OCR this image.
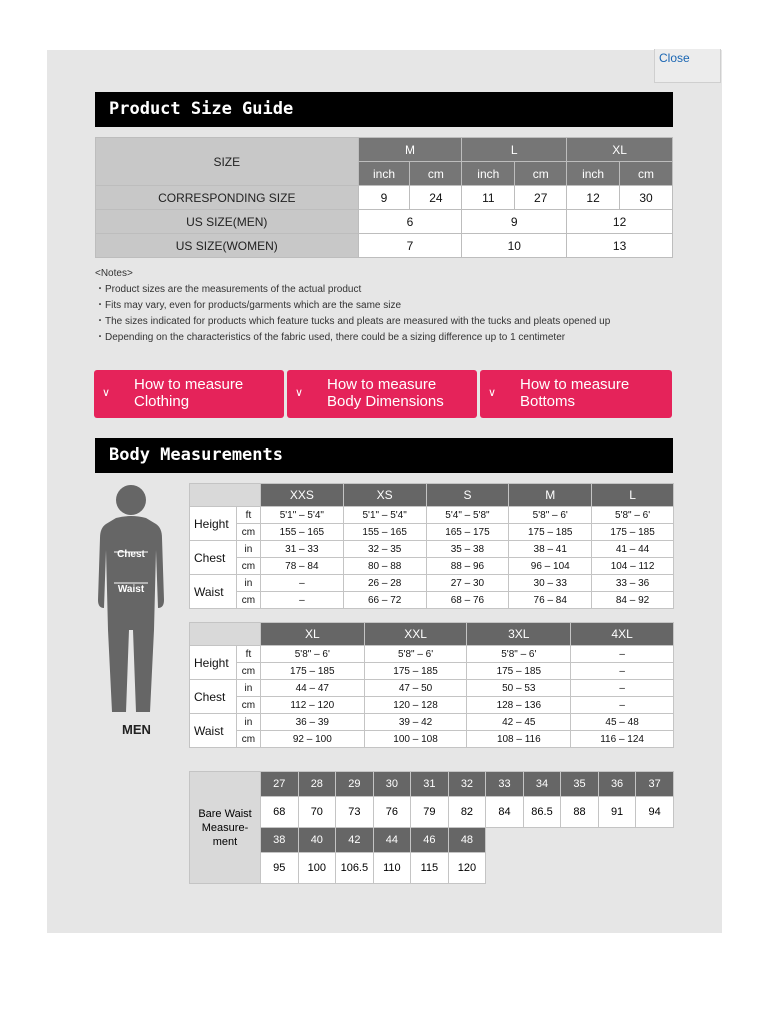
Close
Product Size Guide
SIZE	M		L		XL	
	inch	cm	inch	cm	inch	cm
CORRESPONDING SIZE	9	24	11	27	12	30
US SIZE(MEN)	6		9		12	
US SIZE(WOMEN)	7		10		13	
<Notes>
・Product sizes are the measurements of the actual product
・Fits may vary, even for products/garments which are the same size
・The sizes indicated for products which feature tucks and pleats are measured with the tucks and pleats opened up
・Depending on the characteristics of the fabric used, there could be a sizing difference up to 1 centimeter
∨ How to measure
Clothing	∨ How to measure
Body Dimensions	∨ How to measure
Bottoms
Body Measurements
Chest
Waist
MEN
		XXS	XS	S	M	L
Height	ft	5'1" – 5'4"	5'1" – 5'4"	5'4" – 5'8"	5'8" – 6'	5'8" – 6'
	cm	155 – 165	155 – 165	165 – 175	175 – 185	175 – 185
Chest	in	31 – 33	32 – 35	35 – 38	38 – 41	41 – 44
	cm	78 – 84	80 – 88	88 – 96	96 – 104	104 – 112
Waist	in	–	26 – 28	27 – 30	30 – 33	33 – 36
	cm	–	66 – 72	68 – 76	76 – 84	84 – 92
		XL	XXL	3XL	4XL
Height	ft	5'8" – 6'	5'8" – 6'	5'8" – 6'	–
	cm	175 – 185	175 – 185	175 – 185	–
Chest	in	44 – 47	47 – 50	50 – 53	–
	cm	112 – 120	120 – 128	128 – 136	–
Waist	in	36 – 39	39 – 42	42 – 45	45 – 48
	cm	92 – 100	100 – 108	108 – 116	116 – 124
Bare Waist
Measure-
ment	27	28	29	30	31	32	33	34	35	36	37
	68	70	73	76	79	82	84	86.5	88	91	94
	38	40	42	44	46	48					
	95	100	106.5	110	115	120					
